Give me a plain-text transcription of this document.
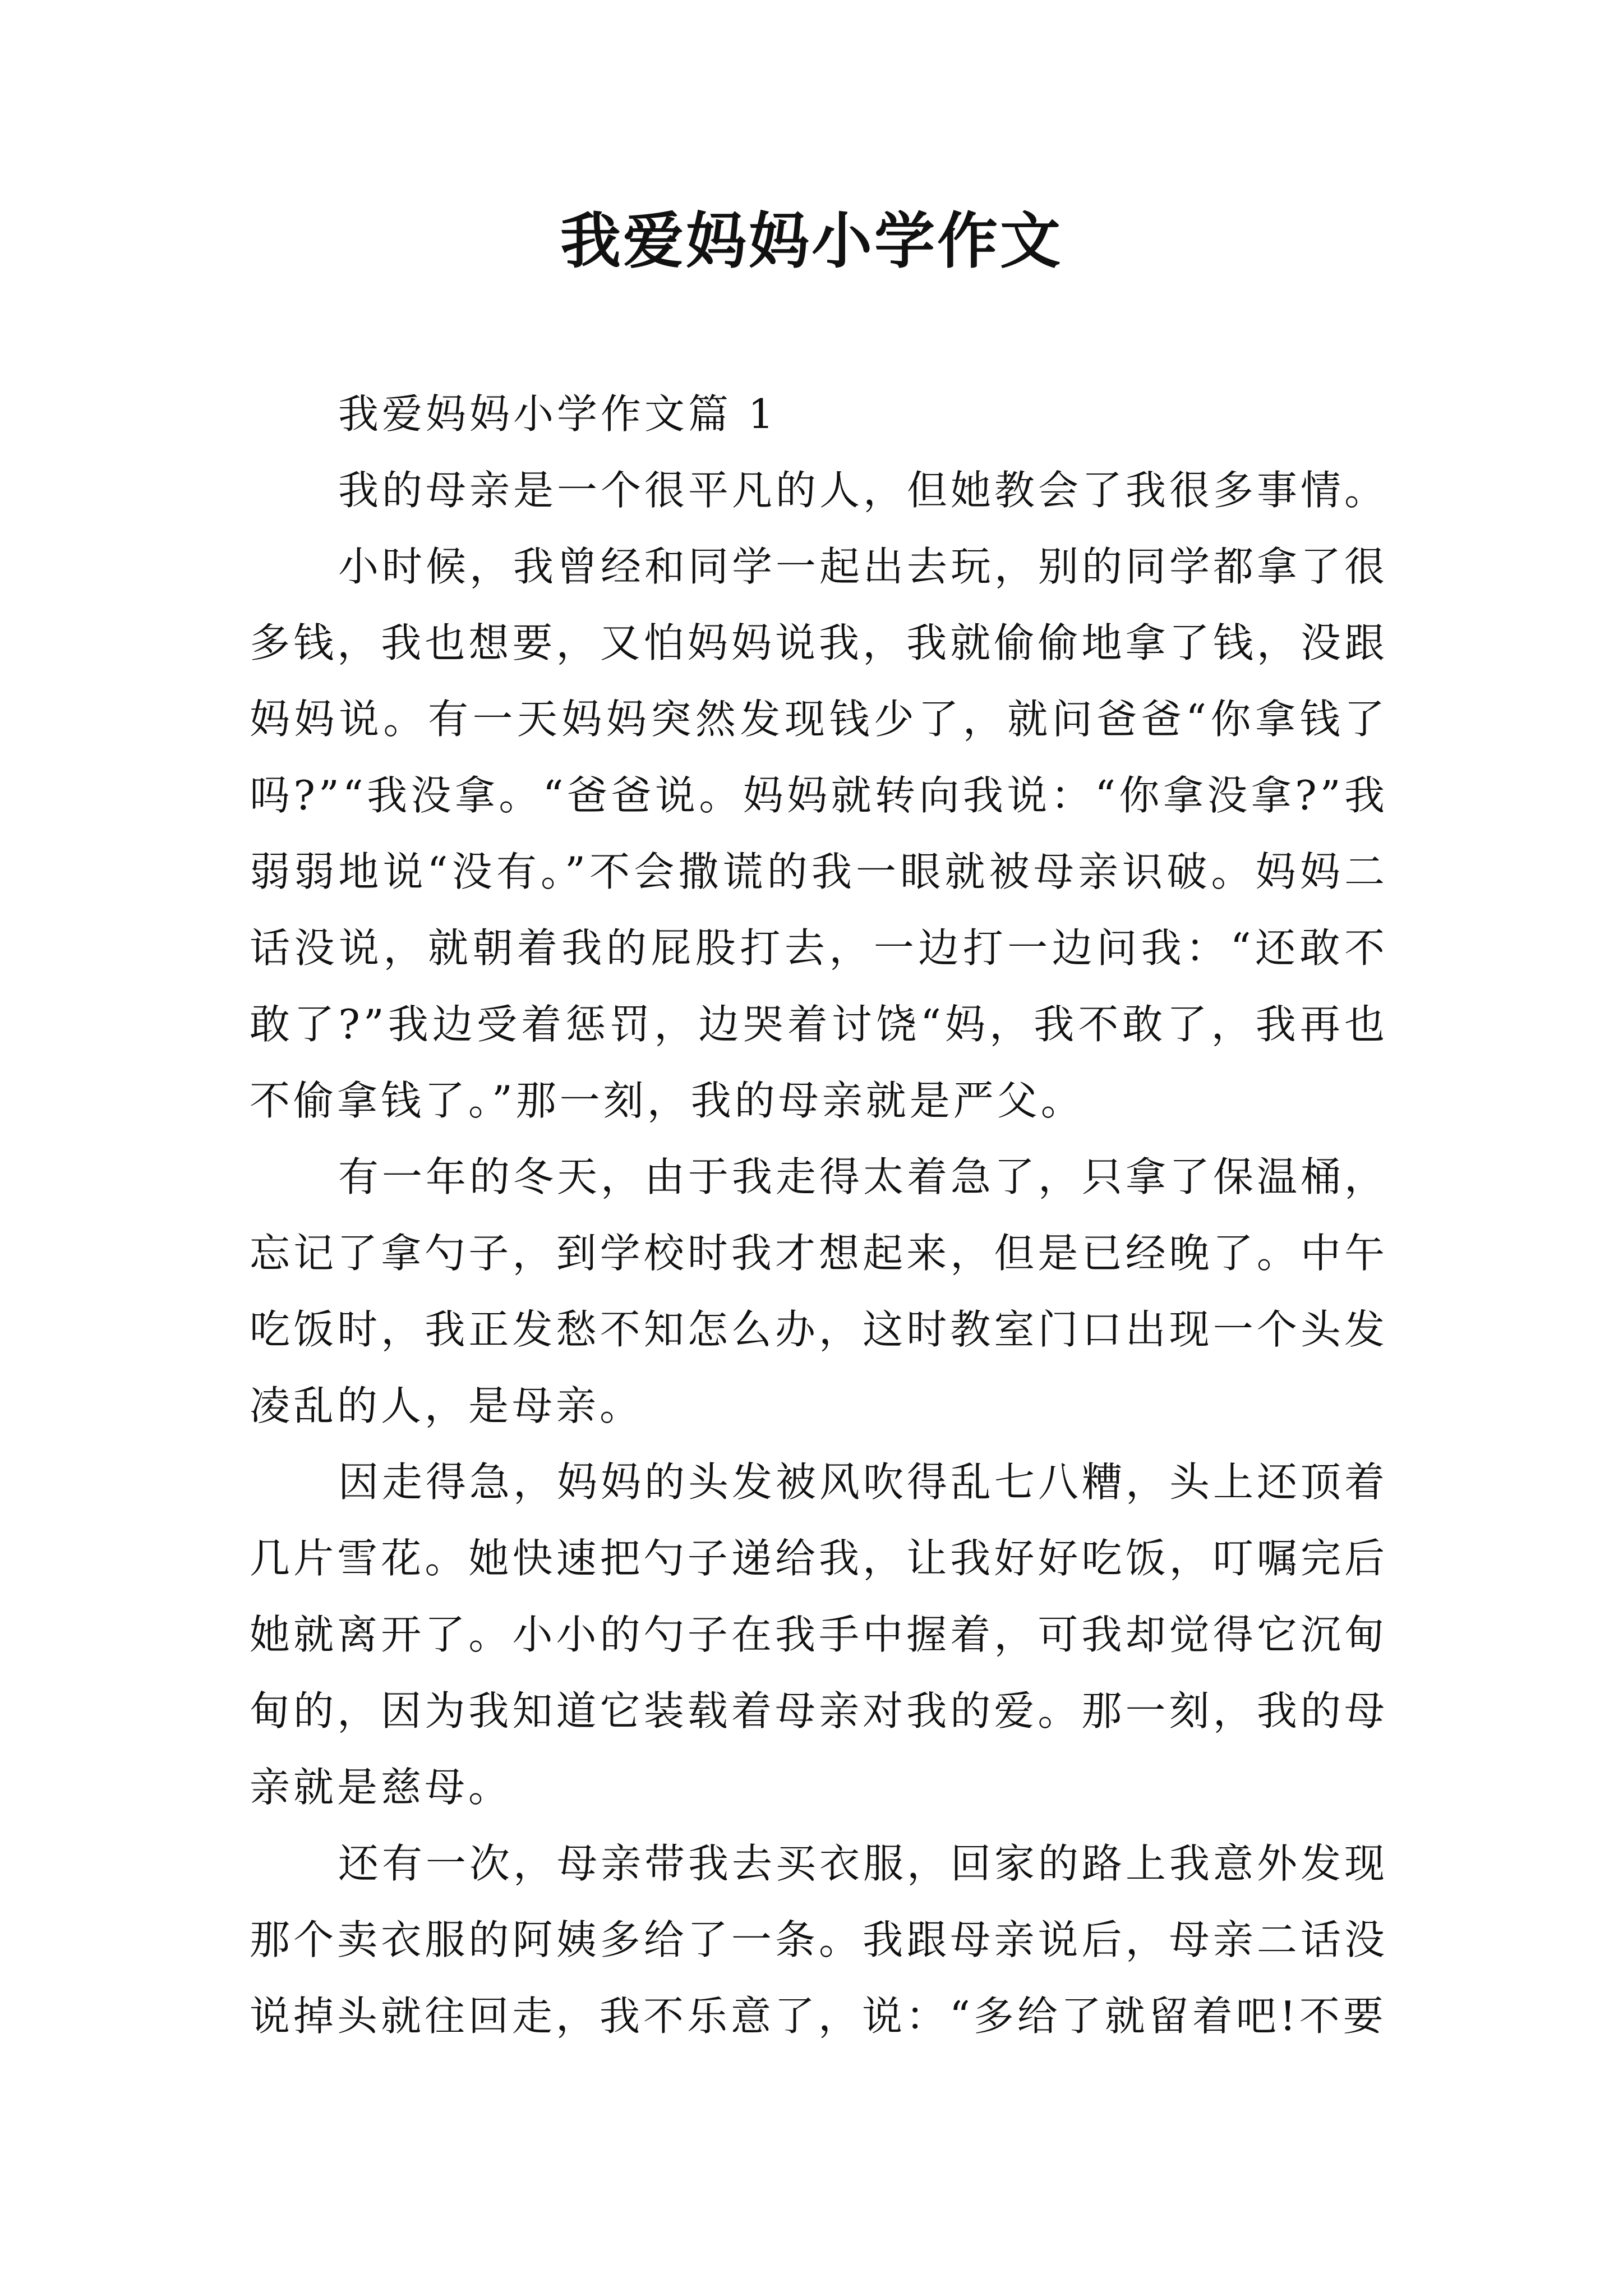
我爱妈妈小学作文

我爱妈妈小学作文篇 1

我的母亲是一个很平凡的人，但她教会了我很多事情。

小时候，我曾经和同学一起出去玩，别的同学都拿了很多钱，我也想要，又怕妈妈说我，我就偷偷地拿了钱，没跟妈妈说。有一天妈妈突然发现钱少了，就问爸爸“你拿钱了吗?”“我没拿。“爸爸说。妈妈就转向我说：“你拿没拿?”我弱弱地说“没有。”不会撒谎的我一眼就被母亲识破。妈妈二话没说，就朝着我的屁股打去，一边打一边问我：“还敢不敢了?”我边受着惩罚，边哭着讨饶“妈，我不敢了，我再也不偷拿钱了。”那一刻，我的母亲就是严父。

有一年的冬天，由于我走得太着急了，只拿了保温桶，忘记了拿勺子，到学校时我才想起来，但是已经晚了。中午吃饭时，我正发愁不知怎么办，这时教室门口出现一个头发凌乱的人，是母亲。

因走得急，妈妈的头发被风吹得乱七八糟，头上还顶着几片雪花。她快速把勺子递给我，让我好好吃饭，叮嘱完后她就离开了。小小的勺子在我手中握着，可我却觉得它沉甸甸的，因为我知道它装载着母亲对我的爱。那一刻，我的母亲就是慈母。

还有一次，母亲带我去买衣服，回家的路上我意外发现那个卖衣服的阿姨多给了一条。我跟母亲说后，母亲二话没说掉头就往回走，我不乐意了，说：“多给了就留着吧!不要
